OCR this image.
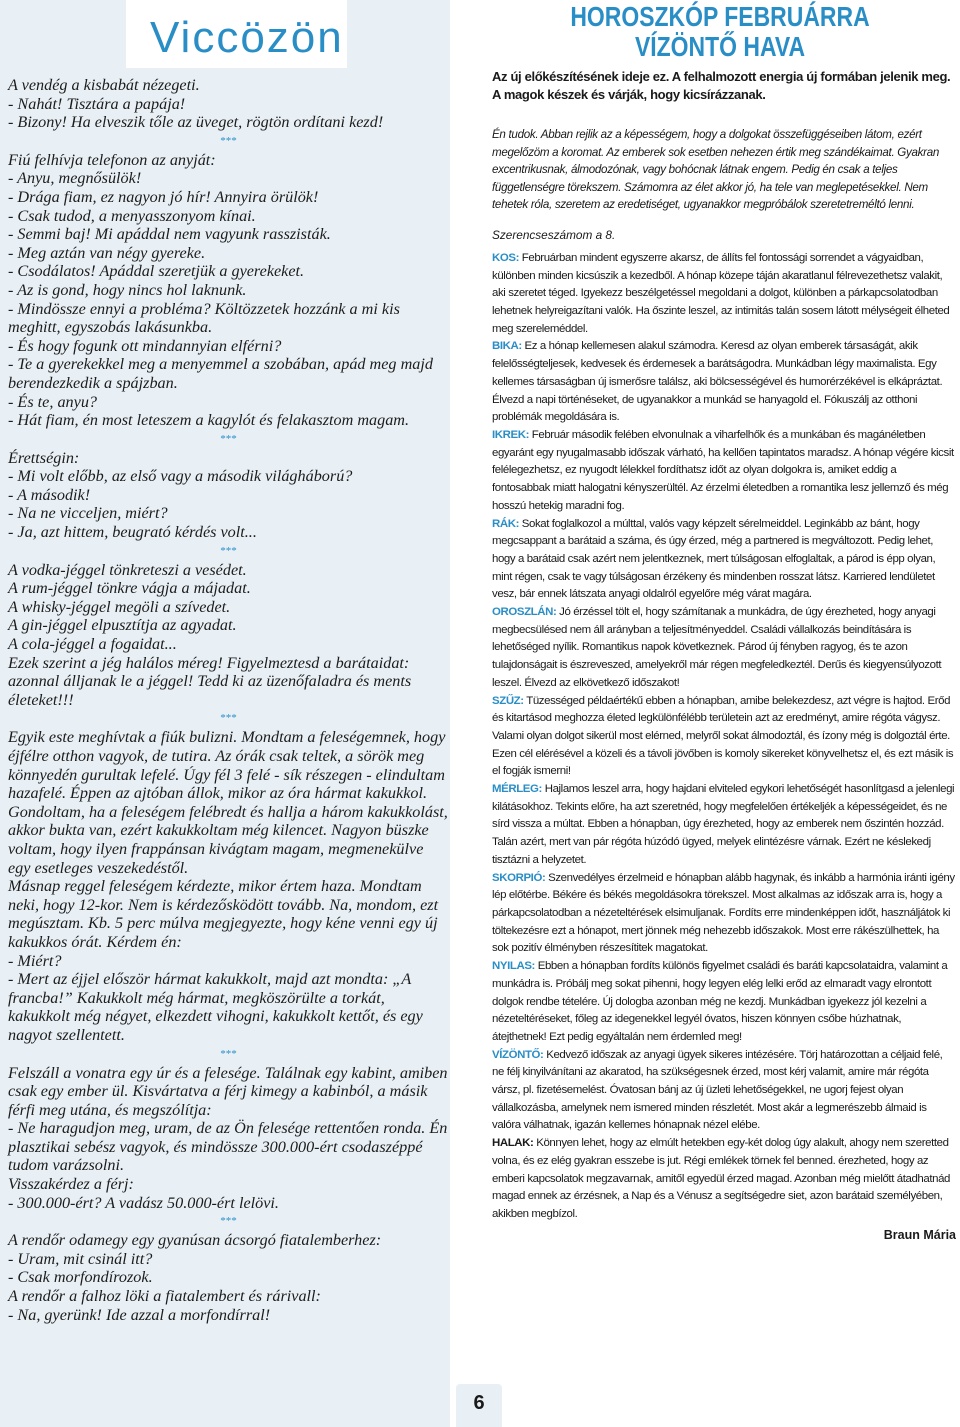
Viccözön

A vendég a kisbabát nézegeti.

- Nahát! Tisztára a papája!

- Bizony! Ha elveszik tőle az üveget, rögtön ordítani kezd!

***

Fiú felhívja telefonon az anyját:

- Anyu, megnősülök!

- Drága fiam, ez nagyon jó hír! Annyira örülök!

- Csak tudod, a menyasszonyom kínai.

- Semmi baj! Mi apáddal nem vagyunk rasszisták.

- Meg aztán van négy gyereke.

- Csodálatos! Apáddal szeretjük a gyerekeket.

- Az is gond, hogy nincs hol laknunk.

- Mindössze ennyi a probléma? Költözzetek hozzánk a mi kis meghitt, egyszobás lakásunkba.

- És hogy fogunk ott mindannyian elférni?

- Te a gyerekekkel meg a menyemmel a szobában, apád meg majd berendezkedik a spájzban.

- És te, anyu?

- Hát fiam, én most leteszem a kagylót és felakasztom magam.

***

Érettségin:

- Mi volt előbb, az első vagy a második világháború?

- A második!

- Na ne vicceljen, miért?

- Ja, azt hittem, beugrató kérdés volt...

***

A vodka-jéggel tönkreteszi a vesédet.

A rum-jéggel tönkre vágja a májadat.

A whisky-jéggel megöli a szívedet.

A gin-jéggel elpusztítja az agyadat.

A cola-jéggel a fogaidat...

Ezek szerint a jég halálos méreg! Figyelmeztesd a barátaidat: azonnal álljanak le a jéggel! Tedd ki az üzenőfaladra és ments életeket!!!

***

Egyik este meghívtak a fiúk bulizni. Mondtam a feleségemnek, hogy éjfélre otthon vagyok, de tutira. Az órák csak teltek, a sörök meg könnyedén gurultak lefelé. Úgy fél 3 felé - sík részegen - elindultam hazafelé. Éppen az ajtóban állok, mikor az óra hármat kakukkol. Gondoltam, ha a feleségem felébredt és hallja a három kakukkolást, akkor bukta van, ezért kakukkoltam még kilencet. Nagyon büszke voltam, hogy ilyen frappánsan kivágtam magam, megmenekülve egy esetleges veszekedéstől.

Másnap reggel feleségem kérdezte, mikor értem haza. Mondtam neki, hogy 12-kor. Nem is kérdezősködött tovább. Na, mondom, ezt megúsztam. Kb. 5 perc múlva megjegyezte, hogy kéne venni egy új kakukkos órát. Kérdem én:

- Miért?

- Mert az éjjel először hármat kakukkolt, majd azt mondta: „A francba!” Kakukkolt még hármat, megköszörülte a torkát, kakukkolt még négyet, elkezdett vihogni, kakukkolt kettőt, és egy nagyot szellentett.

***

Felszáll a vonatra egy úr és a felesége. Találnak egy kabint, amiben csak egy ember ül. Kisvártatva a férj kimegy a kabinból, a másik férfi meg utána, és megszólítja:

- Ne haragudjon meg, uram, de az Ön felesége rettentően ronda. Én plasztikai sebész vagyok, és mindössze 300.000-ért csodaszéppé tudom varázsolni.

Visszakérdez a férj:

- 300.000-ért? A vadász 50.000-ért lelövi.

***

A rendőr odamegy egy gyanúsan ácsorgó fiatalemberhez:

- Uram, mit csinál itt?

- Csak morfondírozok.

A rendőr a falhoz löki a fiatalembert és rárivall:

- Na, gyerünk! Ide azzal a morfondírral!

HOROSZKÓP FEBRUÁRRA
VÍZÖNTŐ HAVA

Az új előkészítésének ideje ez. A felhalmozott energia új formában jelenik meg. A magok készek és várják, hogy kicsírázzanak.

Én tudok. Abban rejlik az a képességem, hogy a dolgokat összefüggéseiben látom, ezért megelőzöm a koromat. Az emberek sok esetben nehezen értik meg szándékaimat. Gyakran excentrikusnak, álmodozónak, vagy bohócnak látnak engem. Pedig én csak a teljes függetlenségre törekszem. Számomra az élet akkor jó, ha tele van meglepetésekkel. Nem tehetek róla, szeretem az eredetiséget, ugyanakkor megpróbálok szeretetreméltó lenni.

Szerencseszámom a 8.

KOS: Februárban mindent egyszerre akarsz, de állíts fel fontossági sorrendet a vágyaidban, különben minden kicsúszik a kezedből. A hónap közepe táján akaratlanul félrevezethetsz valakit, aki szeretet téged. Igyekezz beszélgetéssel megoldani a dolgot, különben a párkapcsolatodban lehetnek helyreigazítani valók. Ha őszinte leszel, az intimitás talán sosem látott mélységeit élheted meg szereleméddel.

BIKA: Ez a hónap kellemesen alakul számodra. Keresd az olyan emberek társaságát, akik felelősségteljesek, kedvesek és érdemesek a barátságodra. Munkádban légy maximalista. Egy kellemes társaságban új ismerősre találsz, aki bölcsességével és humorérzékével is elkápráztat. Élvezd a napi történéseket, de ugyanakkor a munkád se hanyagold el. Fókuszálj az otthoni problémák megoldására is.

IKREK: Február második felében elvonulnak a viharfelhők és a munkában és magánéletben egyaránt egy nyugalmasabb időszak várható, ha kellően tapintatos maradsz. A hónap végére kicsit felélegezhetsz, ez nyugodt lélekkel fordíthatsz időt az olyan dolgokra is, amiket eddig a fontosabbak miatt halogatni kényszerültél. Az érzelmi életedben a romantika lesz jellemző és még hosszú hetekig maradni fog.

RÁK: Sokat foglalkozol a múlttal, valós vagy képzelt sérelmeiddel. Leginkább az bánt, hogy megcsappant a barátaid a száma, és úgy érzed, még a partnered is megváltozott. Pedig lehet, hogy a barátaid csak azért nem jelentkeznek, mert túlságosan elfoglaltak, a párod is épp olyan, mint régen, csak te vagy túlságosan érzékeny és mindenben rosszat látsz. Karriered lendületet vesz, bár ennek látszata anyagi oldalról egyelőre még várat magára.

OROSZLÁN: Jó érzéssel tölt el, hogy számítanak a munkádra, de úgy érezheted, hogy anyagi megbecsülésed nem áll arányban a teljesítményeddel. Családi vállalkozás beindítására is lehetőséged nyílik. Romantikus napok következnek. Párod új fényben ragyog, és te azon tulajdonságait is észreveszed, amelyekről már régen megfeledkeztél. Derűs és kiegyensúlyozott leszel. Élvezd az elkövetkező időszakot!

SZŰZ: Tüzességed példaértékű ebben a hónapban, amibe belekezdesz, azt végre is hajtod. Erőd és kitartásod meghozza életed legkülönfélébb területein azt az eredményt, amire régóta vágysz. Valami olyan dolgot sikerül most elérned, melyről sokat álmodoztál, és ízony még is dolgoztál érte. Ezen cél elérésével a közeli és a távoli jövőben is komoly sikereket könyvelhetsz el, és ezt másik is el fogják ismerni!

MÉRLEG: Hajlamos leszel arra, hogy hajdani elviteled egykori lehetőségét hasonlítgasd a jelenlegi kilátásokhoz. Tekints előre, ha azt szeretnéd, hogy megfelelően értékeljék a képességeidet, és ne sírd vissza a múltat. Ebben a hónapban, úgy érezheted, hogy az emberek nem őszintén hozzád. Talán azért, mert van pár régóta húzódó ügyed, melyek elintézésre várnak. Ezért ne késlekedj tisztázni a helyzetet.

SKORPIÓ: Szenvedélyes érzelmeid e hónapban alább hagynak, és inkább a harmónia iránti igény lép előtérbe. Békére és békés megoldásokra törekszel. Most alkalmas az időszak arra is, hogy a párkapcsolatodban a nézeteltérések elsimuljanak. Fordíts erre mindenképpen időt, használjátok ki töltekezésre ezt a hónapot, mert jönnek még nehezebb időszakok. Most erre rákészülhettek, ha sok pozitív élményben részesítitek magatokat.

NYILAS: Ebben a hónapban fordíts különös figyelmet családi és baráti kapcsolataidra, valamint a munkádra is. Próbálj meg sokat pihenni, hogy legyen elég lelki erőd az elmaradt vagy elrontott dolgok rendbe tételére. Új dologba azonban még ne kezdj. Munkádban igyekezz jól kezelni a nézeteltéréseket, főleg az idegenekkel legyél óvatos, hiszen könnyen csőbe húzhatnak, átejthetnek! Ezt pedig egyáltalán nem érdemled meg!

VÍZÖNTŐ: Kedvező időszak az anyagi ügyek sikeres intézésére. Törj határozottan a céljaid felé, ne félj kinyilvánítani az akaratod, ha szükségesnek érzed, most kérj valamit, amire már régóta vársz, pl. fizetésemelést. Óvatosan bánj az új üzleti lehetőségekkel, ne ugorj fejest olyan vállalkozásba, amelynek nem ismered minden részletét. Most akár a legmerészebb álmaid is valóra válhatnak, igazán kellemes hónapnak nézel elébe.

HALAK: Könnyen lehet, hogy az elmúlt hetekben egy-két dolog úgy alakult, ahogy nem szeretted volna, és ez elég gyakran esszebe is jut. Régi emlékek törnek fel benned. érezheted, hogy az emberi kapcsolatok megzavarnak, amitől egyedül érzed magad. Azonban még mielőtt átadhatnád magad ennek az érzésnek, a Nap és a Vénusz a segítségedre siet, azon barátaid személyében, akikben megbízol.

Braun Mária

6
